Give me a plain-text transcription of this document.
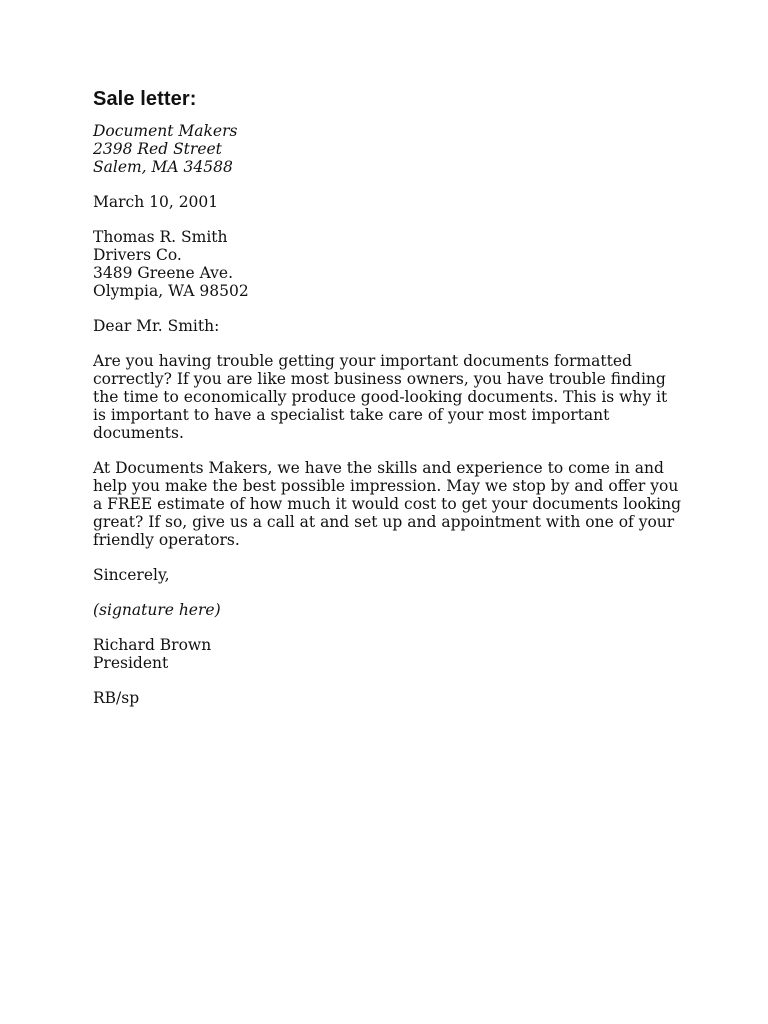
Sale letter:
Document Makers
2398 Red Street
Salem, MA 34588
March 10, 2001
Thomas R. Smith
Drivers Co.
3489 Greene Ave.
Olympia, WA 98502
Dear Mr. Smith:

Are you having trouble getting your important documents formatted correctly? If you are like most business owners, you have trouble finding the time to economically produce good-looking documents. This is why it is important to have a specialist take care of your most important documents.

At Documents Makers, we have the skills and experience to come in and help you make the best possible impression. May we stop by and offer you a FREE estimate of how much it would cost to get your documents looking great? If so, give us a call at and set up and appointment with one of your friendly operators.

Sincerely,
(signature here)
Richard Brown
President
RB/sp
